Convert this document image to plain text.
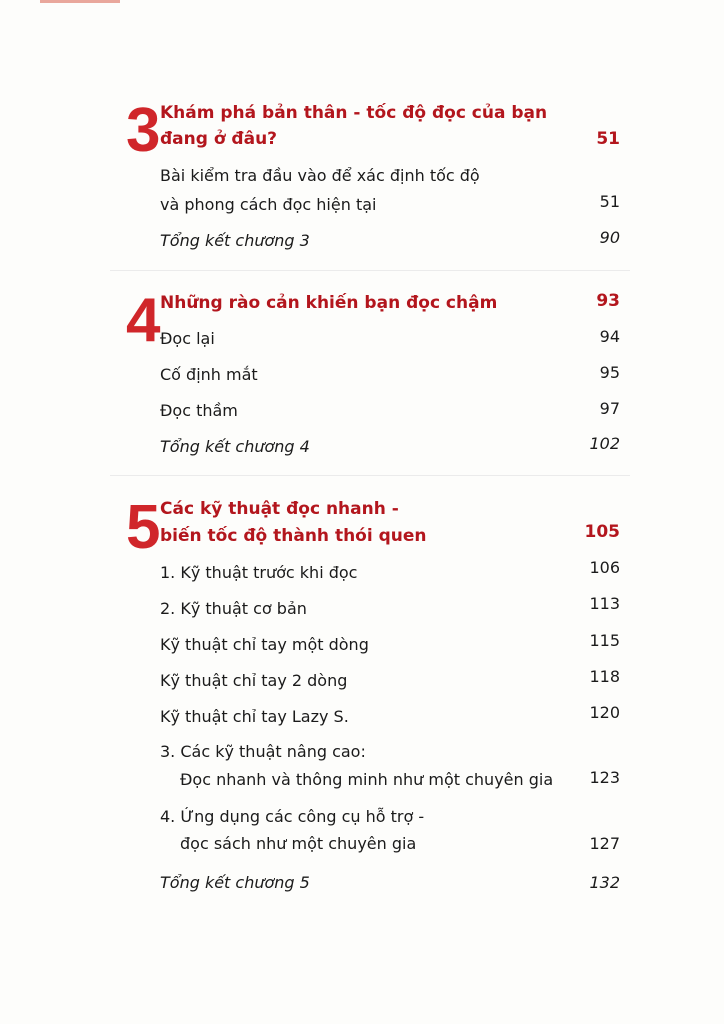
3 Khám phá bản thân - tốc độ đọc của bạn
đang ở đâu?	51
Bài kiểm tra đầu vào để xác định tốc độ
và phong cách đọc hiện tại	51
Tổng kết chương 3	90
4 Những rào cản khiến bạn đọc chậm	93
Đọc lại	94
Cố định mắt	95
Đọc thầm	97
Tổng kết chương 4	102
5 Các kỹ thuật đọc nhanh -
biến tốc độ thành thói quen	105
1. Kỹ thuật trước khi đọc	106
2. Kỹ thuật cơ bản	113
Kỹ thuật chỉ tay một dòng	115
Kỹ thuật chỉ tay 2 dòng	118
Kỹ thuật chỉ tay Lazy S.	120
3. Các kỹ thuật nâng cao:
Đọc nhanh và thông minh như một chuyên gia 123
4. Ứng dụng các công cụ hỗ trợ -
đọc sách như một chuyên gia	127
Tổng kết chương 5	132
